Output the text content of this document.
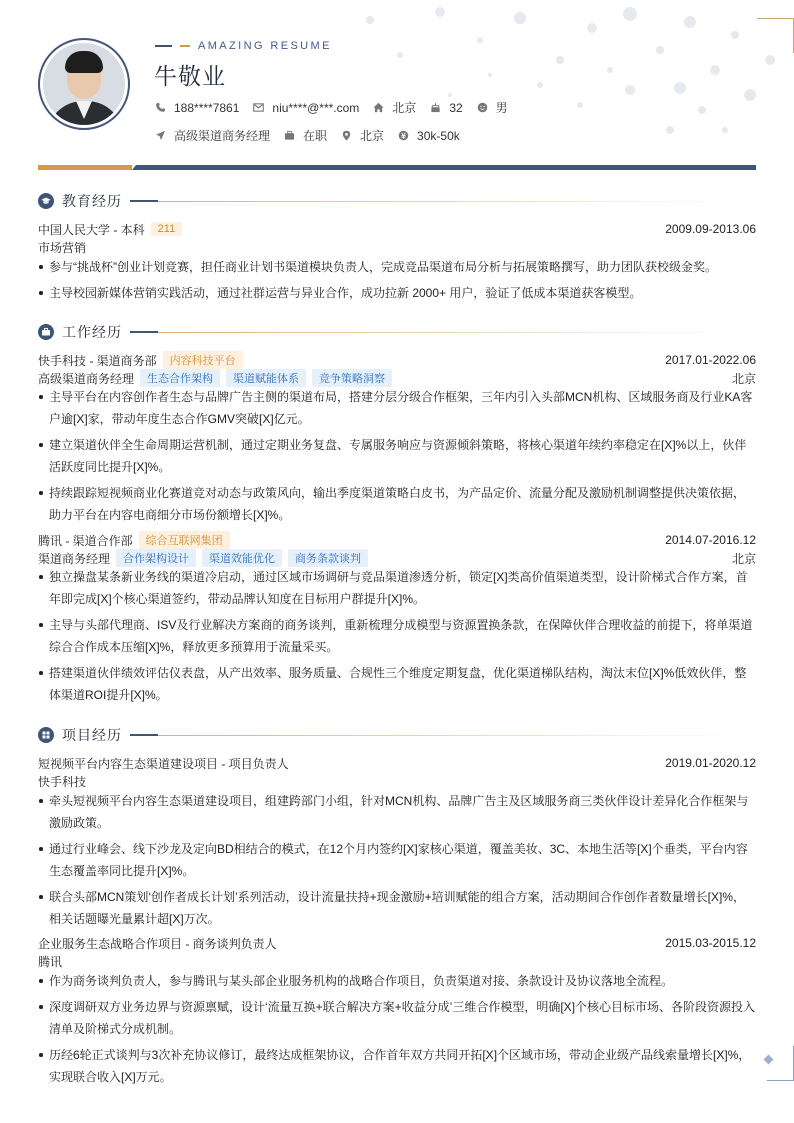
AMAZING RESUME
牛敬业
188****7861	niu****@***.com	北京	32	男
高级渠道商务经理	在职	北京	30k-50k
教育经历
中国人民大学 - 本科	211	2009.09-2013.06
市场营销
参与“挑战杯”创业计划竞赛，担任商业计划书渠道模块负责人，完成竞品渠道布局分析与拓展策略撰写，助力团队获校级金奖。
主导校园新媒体营销实践活动，通过社群运营与异业合作，成功拉新 2000+ 用户，验证了低成本渠道获客模型。
工作经历
快手科技 - 渠道商务部	内容科技平台	2017.01-2022.06
高级渠道商务经理	生态合作架构	渠道赋能体系	竞争策略洞察	北京
主导平台在内容创作者生态与品牌广告主侧的渠道布局，搭建分层分级合作框架，三年内引入头部MCN机构、区域服务商及行业KA客户逾[X]家，带动年度生态合作GMV突破[X]亿元。
建立渠道伙伴全生命周期运营机制，通过定期业务复盘、专属服务响应与资源倾斜策略，将核心渠道年续约率稳定在[X]%以上，伙伴活跃度同比提升[X]%。
持续跟踪短视频商业化赛道竞对动态与政策风向，输出季度渠道策略白皮书，为产品定价、流量分配及激励机制调整提供决策依据，助力平台在内容电商细分市场份额增长[X]%。
腾讯 - 渠道合作部	综合互联网集团	2014.07-2016.12
渠道商务经理	合作架构设计	渠道效能优化	商务条款谈判	北京
独立操盘某条新业务线的渠道冷启动，通过区域市场调研与竞品渠道渗透分析，锁定[X]类高价值渠道类型，设计阶梯式合作方案，首年即完成[X]个核心渠道签约，带动品牌认知度在目标用户群提升[X]%。
主导与头部代理商、ISV及行业解决方案商的商务谈判，重新梳理分成模型与资源置换条款，在保障伙伴合理收益的前提下，将单渠道综合合作成本压缩[X]%，释放更多预算用于流量采买。
搭建渠道伙伴绩效评估仪表盘，从产出效率、服务质量、合规性三个维度定期复盘，优化渠道梯队结构，淘汰末位[X]%低效伙伴，整体渠道ROI提升[X]%。
项目经历
短视频平台内容生态渠道建设项目 - 项目负责人	2019.01-2020.12
快手科技
牵头短视频平台内容生态渠道建设项目，组建跨部门小组，针对MCN机构、品牌广告主及区域服务商三类伙伴设计差异化合作框架与激励政策。
通过行业峰会、线下沙龙及定向BD相结合的模式，在12个月内签约[X]家核心渠道，覆盖美妆、3C、本地生活等[X]个垂类，平台内容生态覆盖率同比提升[X]%。
联合头部MCN策划‘创作者成长计划’系列活动，设计流量扶持+现金激励+培训赋能的组合方案，活动期间合作创作者数量增长[X]%，相关话题曝光量累计超[X]万次。
企业服务生态战略合作项目 - 商务谈判负责人	2015.03-2015.12
腾讯
作为商务谈判负责人，参与腾讯与某头部企业服务机构的战略合作项目，负责渠道对接、条款设计及协议落地全流程。
深度调研双方业务边界与资源禀赋，设计‘流量互换+联合解决方案+收益分成’三维合作模型，明确[X]个核心目标市场、各阶段资源投入清单及阶梯式分成机制。
历经6轮正式谈判与3次补充协议修订，最终达成框架协议，合作首年双方共同开拓[X]个区域市场，带动企业级产品线索量增长[X]%，实现联合收入[X]万元。
